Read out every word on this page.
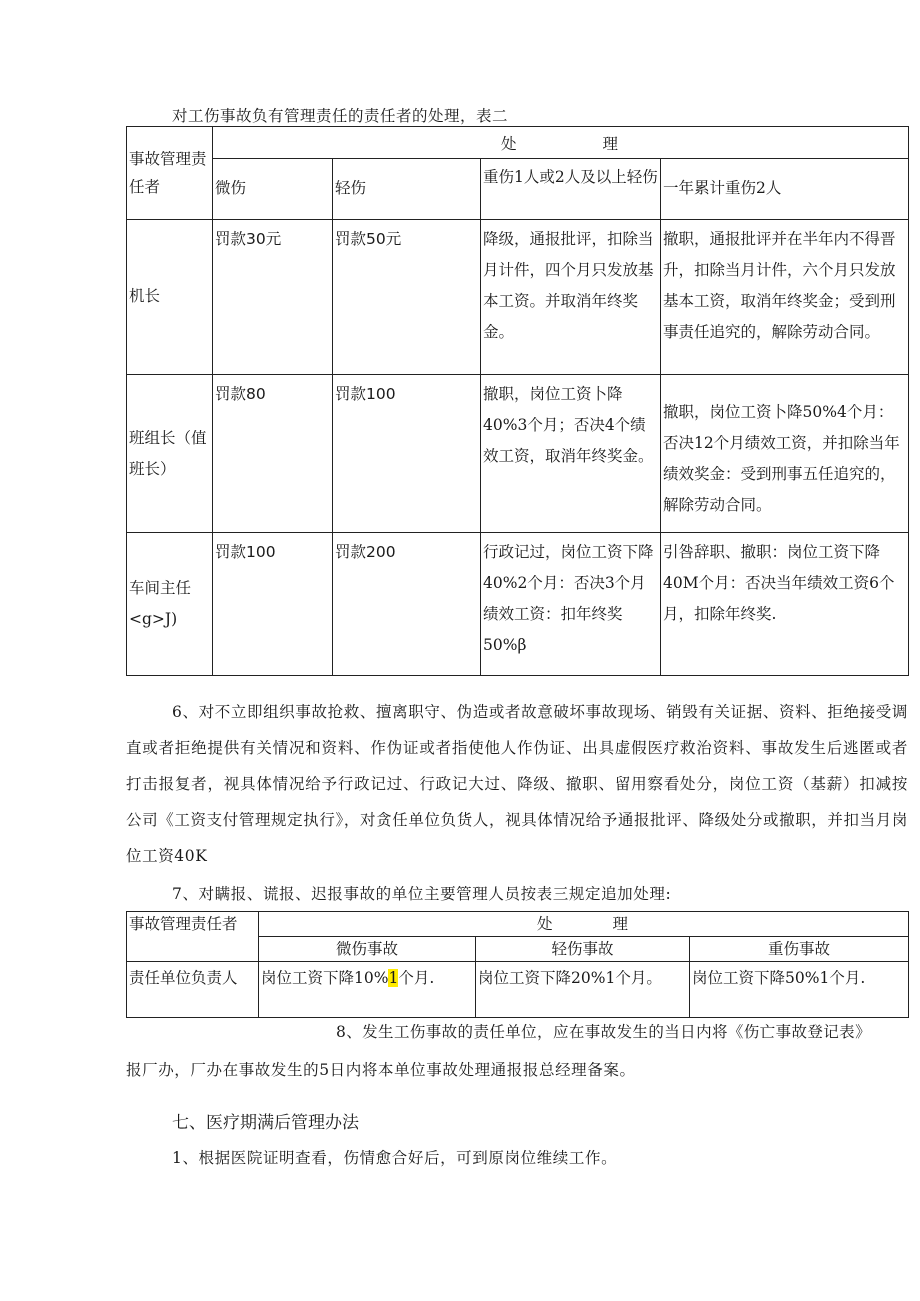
对工伤事故负有管理责任的责任者的处理，表二
事故管理责任者	处理			
	微伤	轻伤	重伤1人或2人及以上轻伤	一年累计重伤2人
机长	罚款30元	罚款50元	降级，通报批评，扣除当月计件，四个月只发放基本工资。并取消年终奖金。	撤职，通报批评并在半年内不得晋升，扣除当月计件，六个月只发放基本工资，取消年终奖金；受到刑事责任追究的，解除劳动合同。
班组长（值班长）	罚款80	罚款100	撤职，岗位工资卜降40%3个月；否决4个绩效工资，取消年终奖金。	撤职，岗位工资卜降50%4个月：否决12个月绩效工资，并扣除当年绩效奖金：受到刑事五任追究的，解除劳动合同。
车间主任<g>J)	罚款100	罚款200	行政记过，岗位工资下降40%2个月：否决3个月绩效工资：扣年终奖50%β	引咎辞职、撤职：岗位工资下降40M个月：否决当年绩效工资6个月，扣除年终奖.
6、对不立即组织事故抢救、擅离职守、伪造或者故意破坏事故现场、销毁有关证据、资料、拒绝接受调直或者拒绝提供有关情况和资料、作伪证或者指使他人作伪证、出具虚假医疗救治资料、事故发生后逃匿或者打击报复者，视具体情况给予行政记过、行政记大过、降级、撤职、留用察看处分，岗位工资（基薪）扣减按公司《工资支付管理规定执行》，对贪任单位负货人，视具体情况给予通报批评、降级处分或撤职，并扣当月岗位工资40K
7、对瞒报、谎报、迟报事故的单位主要管理人员按表三规定追加处理:
事故管理责任者	处理		
	微伤事故	轻伤事故	重伤事故
责任单位负责人	岗位工资下降10%1个月.	岗位工资下降20%1个月。	岗位工资下降50%1个月.
8、发生工伤事故的责任单位，应在事故发生的当日内将《伤亡事故登记表》
报厂办，厂办在事故发生的5日内将本单位事故处理通报报总经理备案。
七、医疗期满后管理办法
1、根据医院证明查看，伤情愈合好后，可到原岗位维续工作。
